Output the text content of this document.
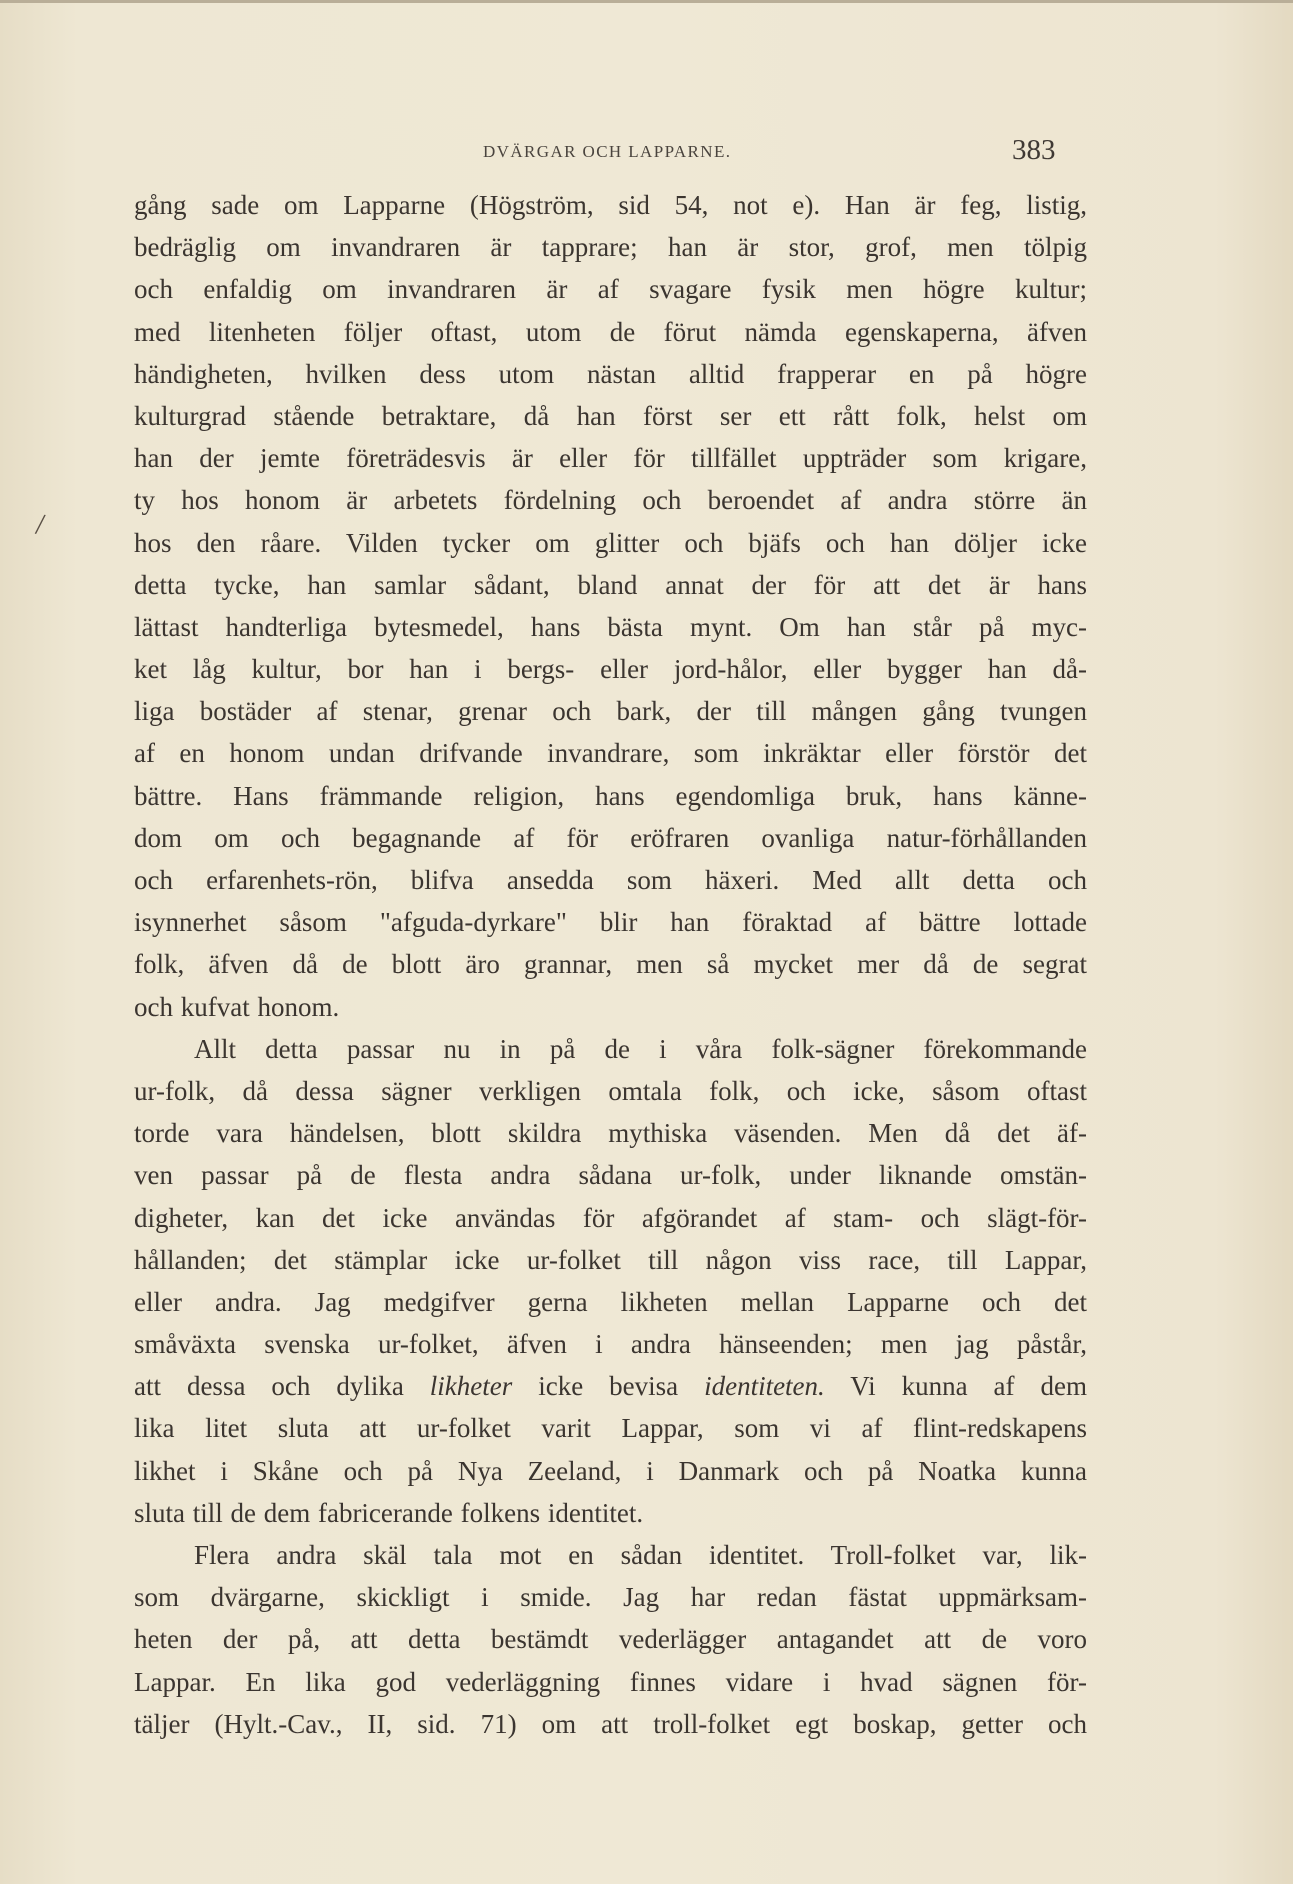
DVÄRGAR OCH LAPPARNE.	383
/
gång sade om Lapparne (Högström, sid 54, not e). Han är feg, listig,
bedräglig om invandraren är tapprare; han är stor, grof, men tölpig
och enfaldig om invandraren är af svagare fysik men högre kultur;
med litenheten följer oftast, utom de förut nämda egenskaperna, äfven
händigheten, hvilken dess utom nästan alltid frapperar en på högre
kulturgrad stående betraktare, då han först ser ett rått folk, helst om
han der jemte företrädesvis är eller för tillfället uppträder som krigare,
ty hos honom är arbetets fördelning och beroendet af andra större än
hos den råare. Vilden tycker om glitter och bjäfs och han döljer icke
detta tycke, han samlar sådant, bland annat der för att det är hans
lättast handterliga bytesmedel, hans bästa mynt. Om han står på myc-
ket låg kultur, bor han i bergs- eller jord-hålor, eller bygger han då-
liga bostäder af stenar, grenar och bark, der till mången gång tvungen
af en honom undan drifvande invandrare, som inkräktar eller förstör det
bättre. Hans främmande religion, hans egendomliga bruk, hans känne-
dom om och begagnande af för eröfraren ovanliga natur-förhållanden
och erfarenhets-rön, blifva ansedda som häxeri. Med allt detta och
isynnerhet såsom "afguda-dyrkare" blir han föraktad af bättre lottade
folk, äfven då de blott äro grannar, men så mycket mer då de segrat
och kufvat honom.
Allt detta passar nu in på de i våra folk-sägner förekommande
ur-folk, då dessa sägner verkligen omtala folk, och icke, såsom oftast
torde vara händelsen, blott skildra mythiska väsenden. Men då det äf-
ven passar på de flesta andra sådana ur-folk, under liknande omstän-
digheter, kan det icke användas för afgörandet af stam- och slägt-för-
hållanden; det stämplar icke ur-folket till någon viss race, till Lappar,
eller andra. Jag medgifver gerna likheten mellan Lapparne och det
småväxta svenska ur-folket, äfven i andra hänseenden; men jag påstår,
att dessa och dylika likheter icke bevisa identiteten. Vi kunna af dem
lika litet sluta att ur-folket varit Lappar, som vi af flint-redskapens
likhet i Skåne och på Nya Zeeland, i Danmark och på Noatka kunna
sluta till de dem fabricerande folkens identitet.
Flera andra skäl tala mot en sådan identitet. Troll-folket var, lik-
som dvärgarne, skickligt i smide. Jag har redan fästat uppmärksam-
heten der på, att detta bestämdt vederlägger antagandet att de voro
Lappar. En lika god vederläggning finnes vidare i hvad sägnen för-
täljer (Hylt.-Cav., II, sid. 71) om att troll-folket egt boskap, getter och
